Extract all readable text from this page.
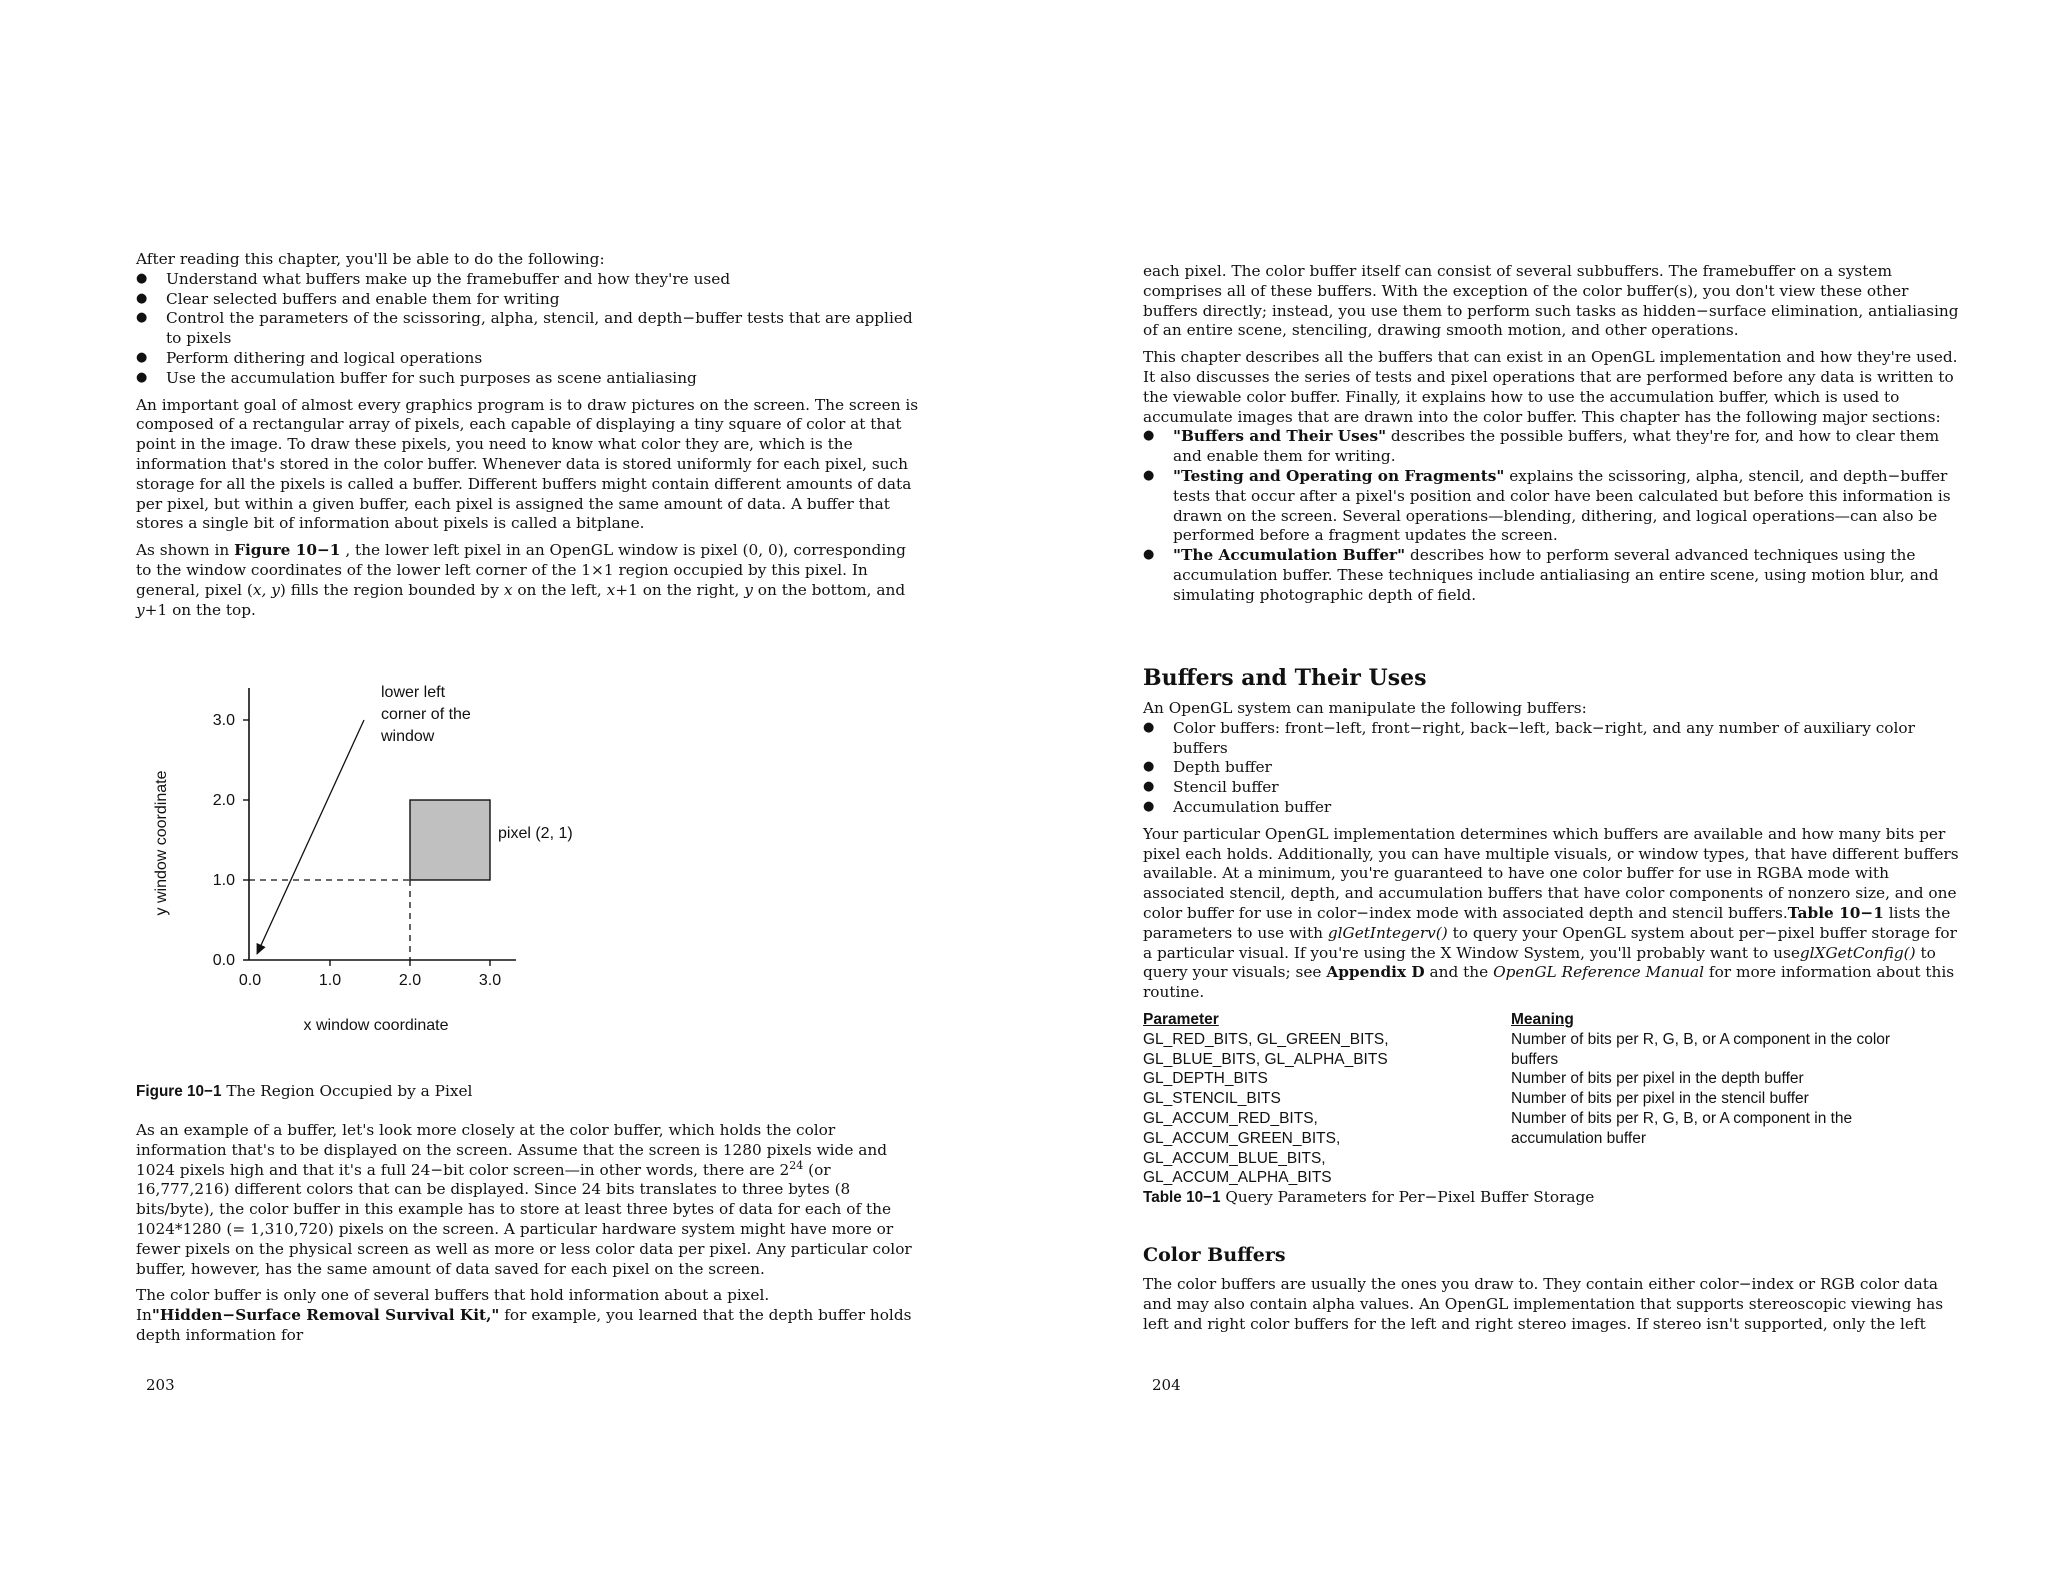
After reading this chapter, you'll be able to do the following:

● Understand what buffers make up the framebuffer and how they're used
● Clear selected buffers and enable them for writing
● Control the parameters of the scissoring, alpha, stencil, and depth−buffer tests that are applied to pixels
● Perform dithering and logical operations
● Use the accumulation buffer for such purposes as scene antialiasing

An important goal of almost every graphics program is to draw pictures on the screen. The screen is composed of a rectangular array of pixels, each capable of displaying a tiny square of color at that point in the image. To draw these pixels, you need to know what color they are, which is the information that's stored in the color buffer. Whenever data is stored uniformly for each pixel, such storage for all the pixels is called a buffer. Different buffers might contain different amounts of data per pixel, but within a given buffer, each pixel is assigned the same amount of data. A buffer that stores a single bit of information about pixels is called a bitplane.

As shown in Figure 10−1 , the lower left pixel in an OpenGL window is pixel (0, 0), corresponding to the window coordinates of the lower left corner of the 1×1 region occupied by this pixel. In general, pixel (x, y) fills the region bounded by x on the left, x+1 on the right, y on the bottom, and y+1 on the top.

3.0
2.0
1.0
0.0
0.0	1.0	2.0	3.0
lower left
corner of the
window
pixel (2, 1)
y window coordinate
x window coordinate
Figure 10−1 The Region Occupied by a Pixel

As an example of a buffer, let's look more closely at the color buffer, which holds the color information that's to be displayed on the screen. Assume that the screen is 1280 pixels wide and 1024 pixels high and that it's a full 24−bit color screen—in other words, there are $2^{24}$ (or 16,777,216) different colors that can be displayed. Since 24 bits translates to three bytes (8 bits/byte), the color buffer in this example has to store at least three bytes of data for each of the 1024*1280 (= 1,310,720) pixels on the screen. A particular hardware system might have more or fewer pixels on the physical screen as well as more or less color data per pixel. Any particular color buffer, however, has the same amount of data saved for each pixel on the screen.

The color buffer is only one of several buffers that hold information about a pixel. In"Hidden−Surface Removal Survival Kit," for example, you learned that the depth buffer holds depth information for

203

each pixel. The color buffer itself can consist of several subbuffers. The framebuffer on a system comprises all of these buffers. With the exception of the color buffer(s), you don't view these other buffers directly; instead, you use them to perform such tasks as hidden−surface elimination, antialiasing of an entire scene, stenciling, drawing smooth motion, and other operations.

This chapter describes all the buffers that can exist in an OpenGL implementation and how they're used. It also discusses the series of tests and pixel operations that are performed before any data is written to the viewable color buffer. Finally, it explains how to use the accumulation buffer, which is used to accumulate images that are drawn into the color buffer. This chapter has the following major sections:

● "Buffers and Their Uses" describes the possible buffers, what they're for, and how to clear them and enable them for writing.
● "Testing and Operating on Fragments" explains the scissoring, alpha, stencil, and depth−buffer tests that occur after a pixel's position and color have been calculated but before this information is drawn on the screen. Several operations—blending, dithering, and logical operations—can also be performed before a fragment updates the screen.
● "The Accumulation Buffer" describes how to perform several advanced techniques using the accumulation buffer. These techniques include antialiasing an entire scene, using motion blur, and simulating photographic depth of field.
Buffers and Their Uses

An OpenGL system can manipulate the following buffers:

● Color buffers: front−left, front−right, back−left, back−right, and any number of auxiliary color buffers
● Depth buffer
● Stencil buffer
● Accumulation buffer

Your particular OpenGL implementation determines which buffers are available and how many bits per pixel each holds. Additionally, you can have multiple visuals, or window types, that have different buffers available. At a minimum, you're guaranteed to have one color buffer for use in RGBA mode with associated stencil, depth, and accumulation buffers that have color components of nonzero size, and one color buffer for use in color−index mode with associated depth and stencil buffers.Table 10−1 lists the parameters to use with glGetIntegerv() to query your OpenGL system about per−pixel buffer storage for a particular visual. If you're using the X Window System, you'll probably want to useglXGetConfig() to query your visuals; see Appendix D and the OpenGL Reference Manual for more information about this routine.

Parameter	Meaning
GL_RED_BITS, GL_GREEN_BITS,	Number of bits per R, G, B, or A component in the color
GL_BLUE_BITS, GL_ALPHA_BITS	buffers
GL_DEPTH_BITS	Number of bits per pixel in the depth buffer
GL_STENCIL_BITS	Number of bits per pixel in the stencil buffer
GL_ACCUM_RED_BITS,	Number of bits per R, G, B, or A component in the
GL_ACCUM_GREEN_BITS,	accumulation buffer
GL_ACCUM_BLUE_BITS,	
GL_ACCUM_ALPHA_BITS	
Table 10−1 Query Parameters for Per−Pixel Buffer Storage
Color Buffers

The color buffers are usually the ones you draw to. They contain either color−index or RGB color data and may also contain alpha values. An OpenGL implementation that supports stereoscopic viewing has left and right color buffers for the left and right stereo images. If stereo isn't supported, only the left

204
